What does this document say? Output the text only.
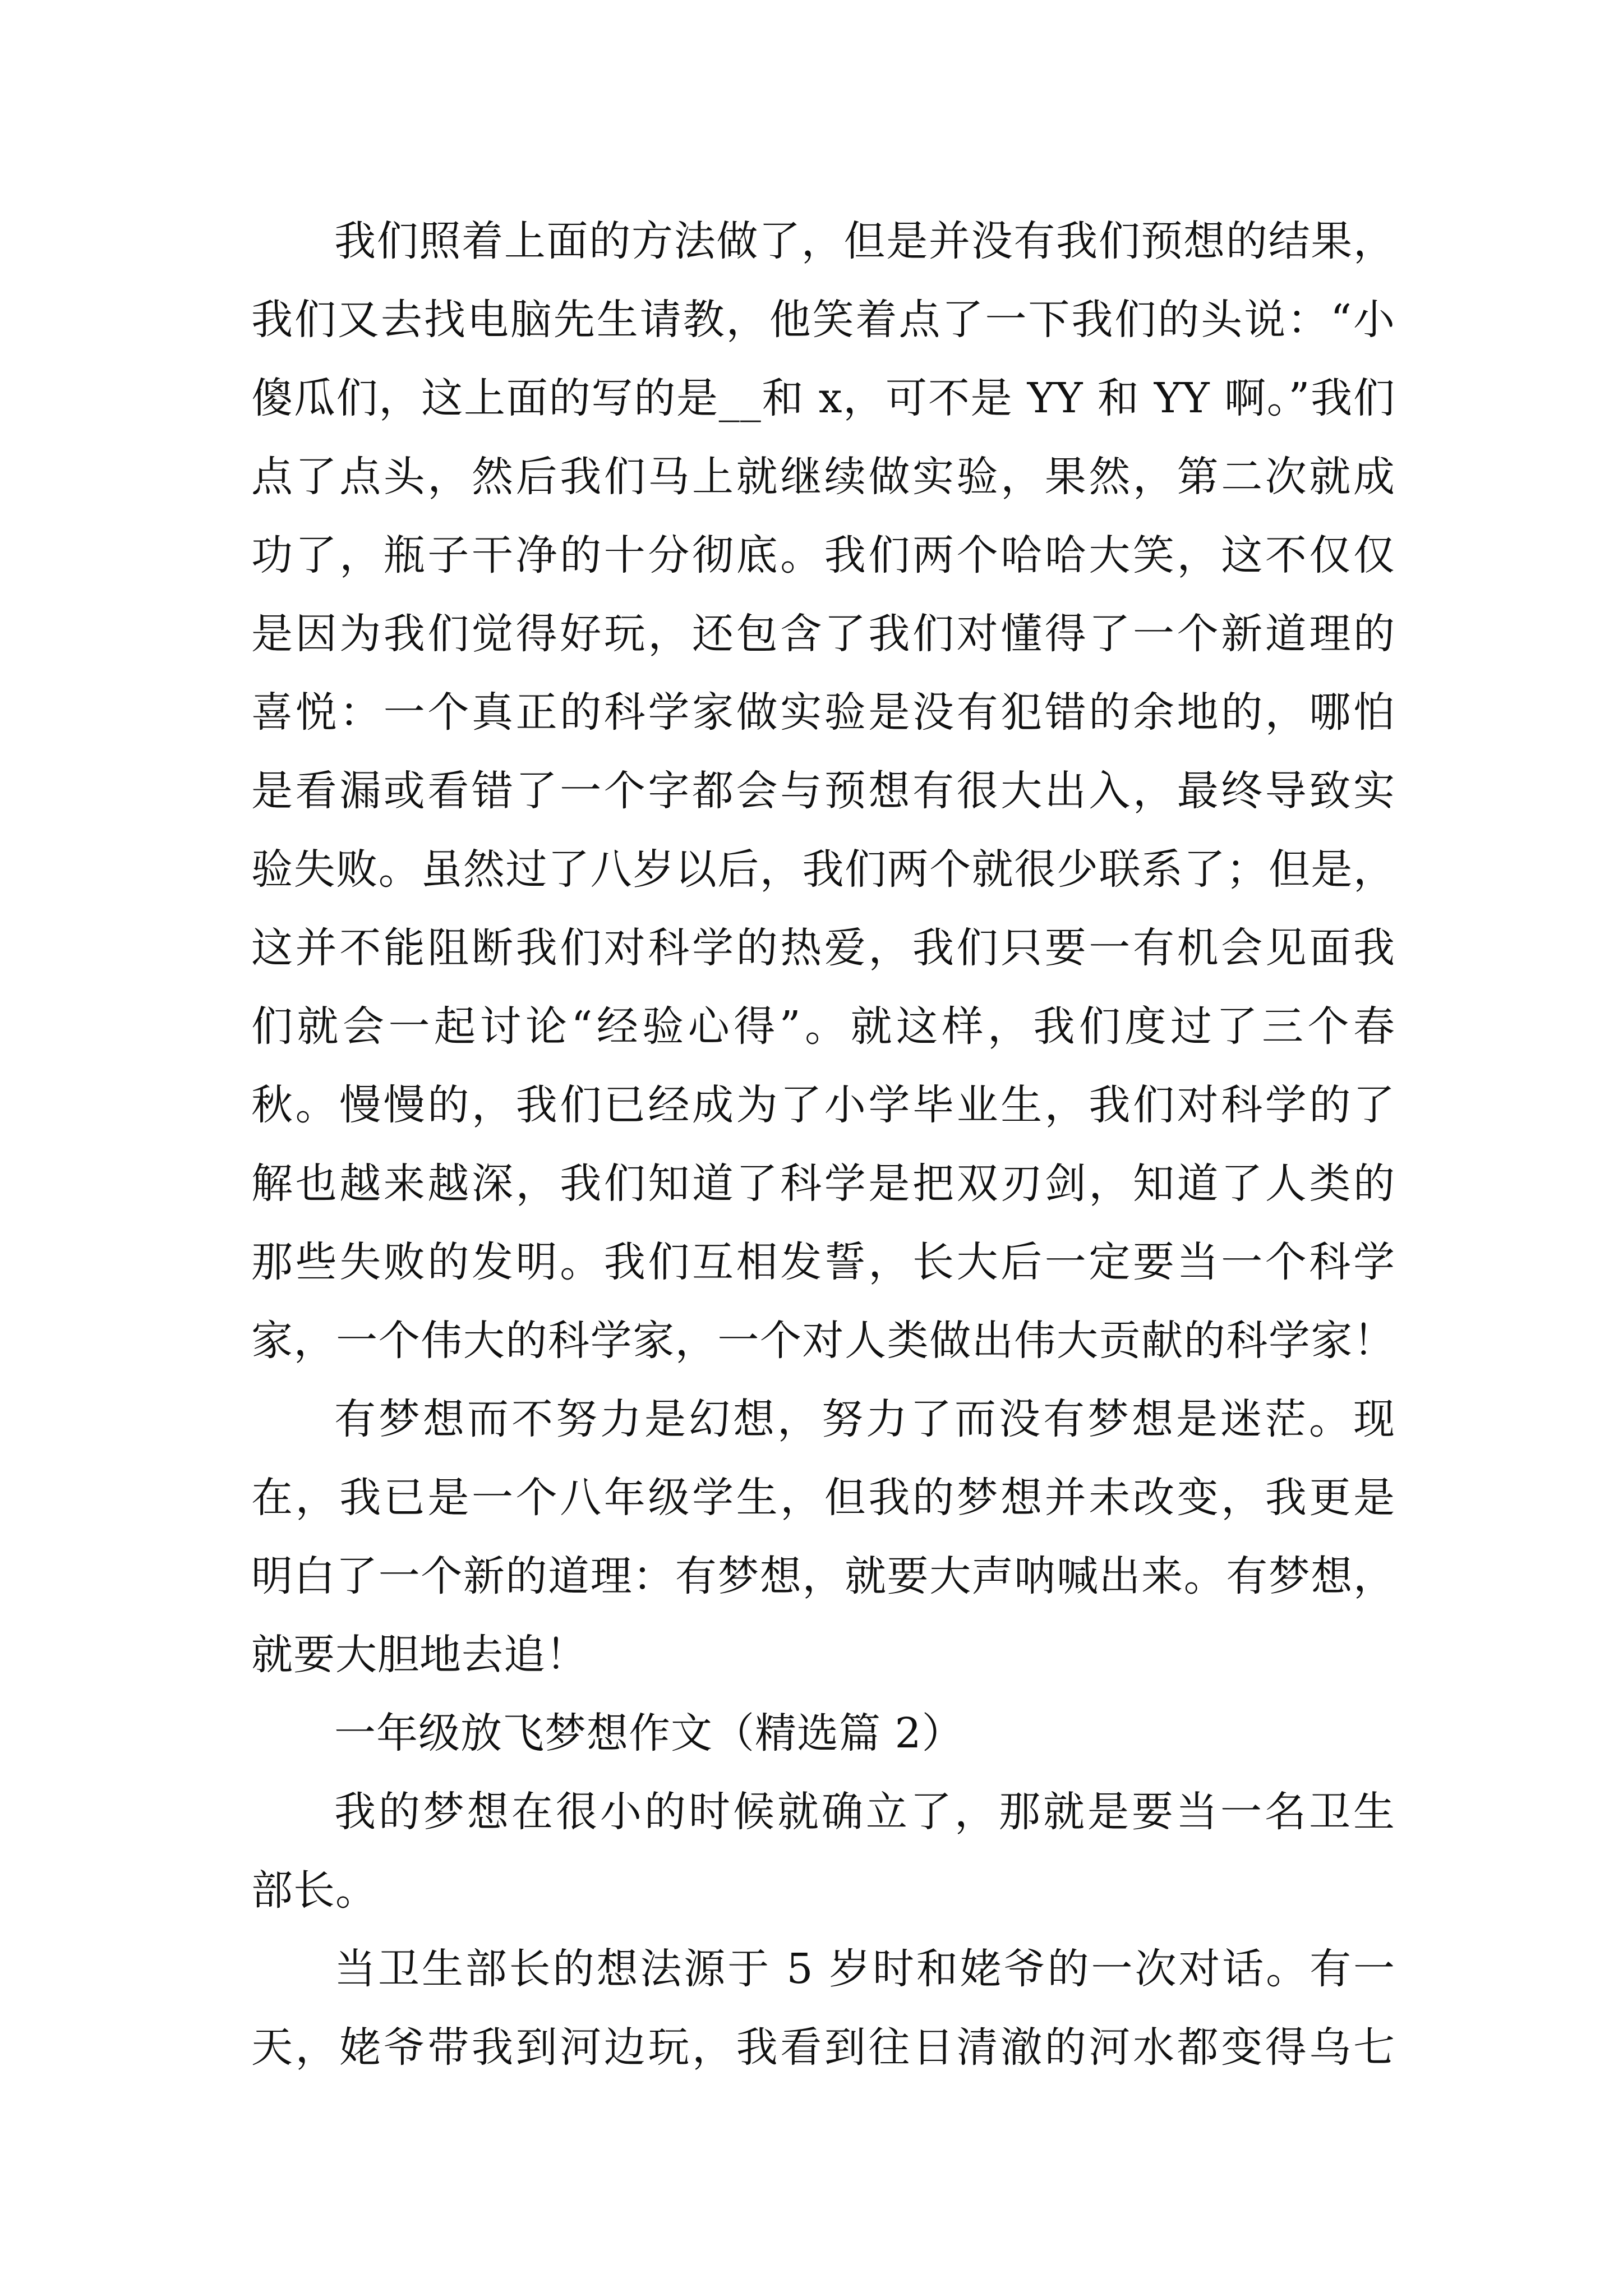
我们照着上面的方法做了，但是并没有我们预想的结果，
我们又去找电脑先生请教，他笑着点了一下我们的头说：“小
傻瓜们，这上面的写的是__和 x，可不是 YY 和 YY 啊。”我们
点了点头，然后我们马上就继续做实验，果然，第二次就成
功了，瓶子干净的十分彻底。我们两个哈哈大笑，这不仅仅
是因为我们觉得好玩，还包含了我们对懂得了一个新道理的
喜悦：一个真正的科学家做实验是没有犯错的余地的，哪怕
是看漏或看错了一个字都会与预想有很大出入，最终导致实
验失败。虽然过了八岁以后，我们两个就很少联系了；但是，
这并不能阻断我们对科学的热爱，我们只要一有机会见面我
们就会一起讨论“经验心得”。就这样，我们度过了三个春
秋。慢慢的，我们已经成为了小学毕业生，我们对科学的了
解也越来越深，我们知道了科学是把双刃剑，知道了人类的
那些失败的发明。我们互相发誓，长大后一定要当一个科学
家，一个伟大的科学家，一个对人类做出伟大贡献的科学家！
有梦想而不努力是幻想，努力了而没有梦想是迷茫。现
在，我已是一个八年级学生，但我的梦想并未改变，我更是
明白了一个新的道理：有梦想，就要大声呐喊出来。有梦想，
就要大胆地去追！
一年级放飞梦想作文（精选篇 2）
我的梦想在很小的时候就确立了，那就是要当一名卫生
部长。
当卫生部长的想法源于 5 岁时和姥爷的一次对话。有一
天，姥爷带我到河边玩，我看到往日清澈的河水都变得乌七
